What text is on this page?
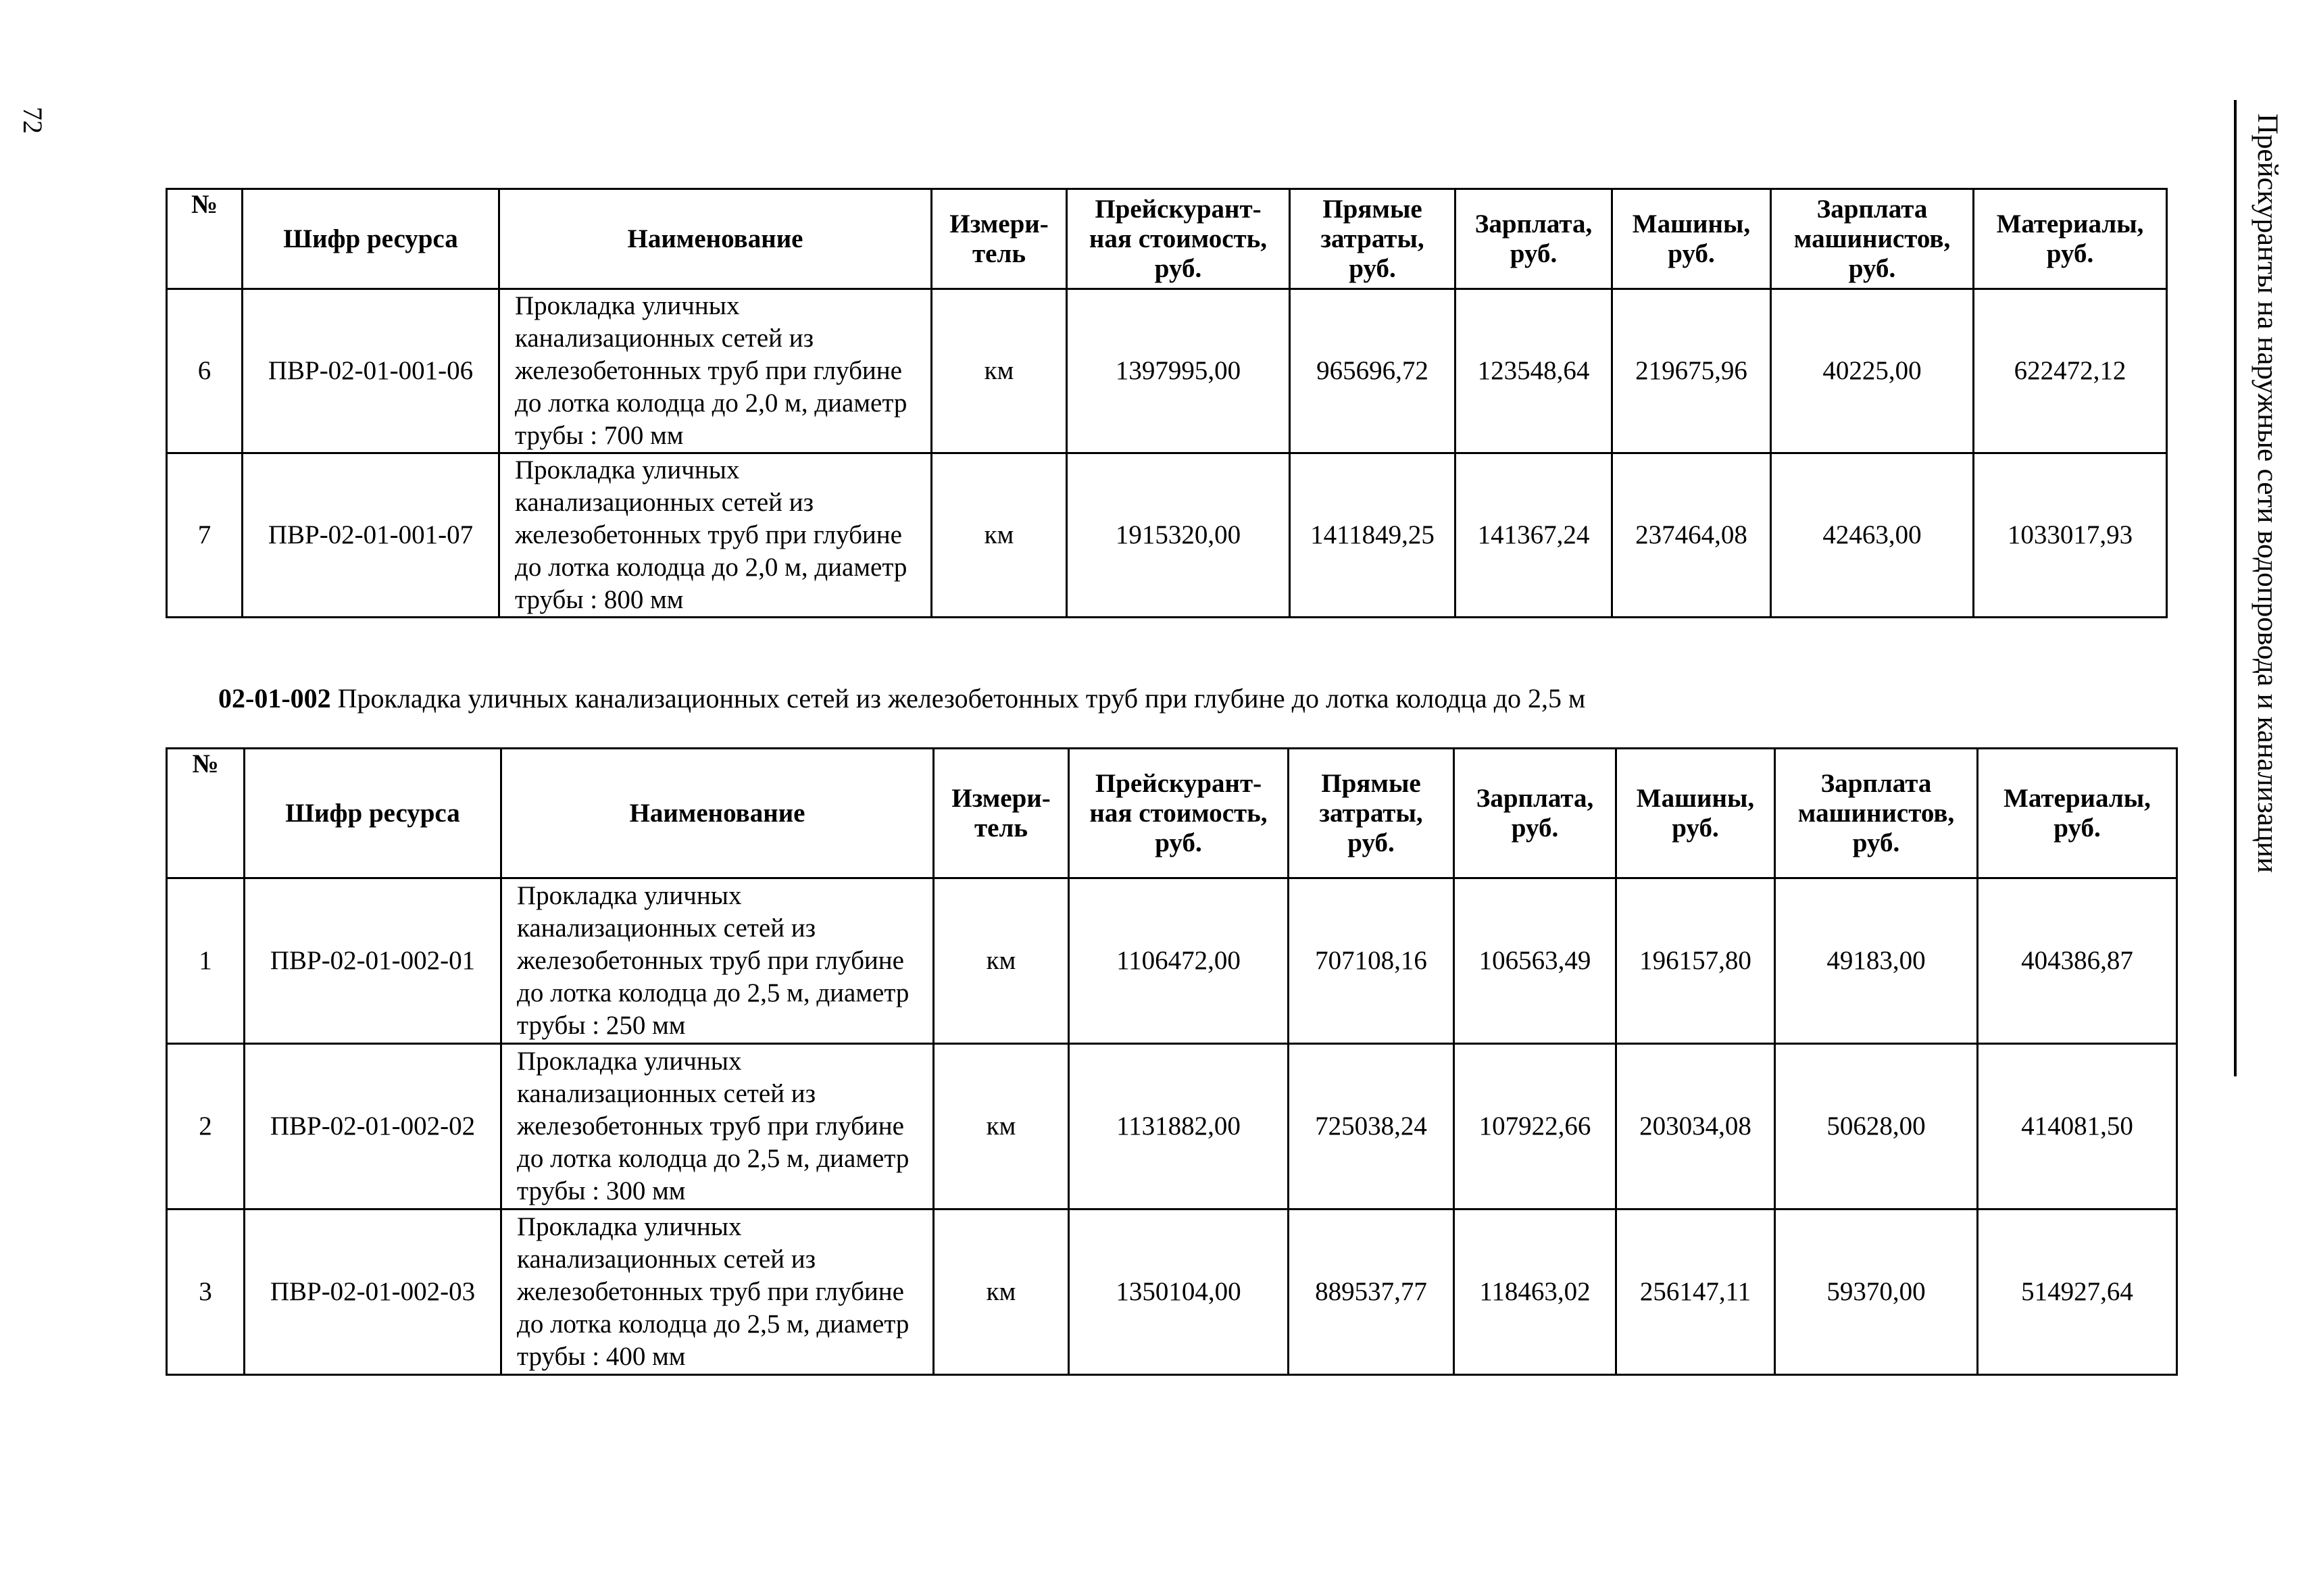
72	Прейскуранты на наружные сети водопровода и канализации
№	Шифр ресурса	Наименование	Измери-тель	Прейскурант-ная стоимость, руб.	Прямые затраты, руб.	Зарплата, руб.	Машины, руб.	Зарплата машинистов, руб.	Материалы, руб.
6	ПВР-02-01-001-06	Прокладка уличных канализационных сетей из железобетонных труб при глубине до лотка колодца до 2,0 м, диаметр трубы : 700 мм	км	1397995,00	965696,72	123548,64	219675,96	40225,00	622472,12
7	ПВР-02-01-001-07	Прокладка уличных канализационных сетей из железобетонных труб при глубине до лотка колодца до 2,0 м, диаметр трубы : 800 мм	км	1915320,00	1411849,25	141367,24	237464,08	42463,00	1033017,93
02-01-002 Прокладка уличных канализационных сетей из железобетонных труб при глубине до лотка колодца до 2,5 м
№	Шифр ресурса	Наименование	Измери-тель	Прейскурант-ная стоимость, руб.	Прямые затраты, руб.	Зарплата, руб.	Машины, руб.	Зарплата машинистов, руб.	Материалы, руб.
1	ПВР-02-01-002-01	Прокладка уличных канализационных сетей из железобетонных труб при глубине до лотка колодца до 2,5 м, диаметр трубы : 250 мм	км	1106472,00	707108,16	106563,49	196157,80	49183,00	404386,87
2	ПВР-02-01-002-02	Прокладка уличных канализационных сетей из железобетонных труб при глубине до лотка колодца до 2,5 м, диаметр трубы : 300 мм	км	1131882,00	725038,24	107922,66	203034,08	50628,00	414081,50
3	ПВР-02-01-002-03	Прокладка уличных канализационных сетей из железобетонных труб при глубине до лотка колодца до 2,5 м, диаметр трубы : 400 мм	км	1350104,00	889537,77	118463,02	256147,11	59370,00	514927,64
